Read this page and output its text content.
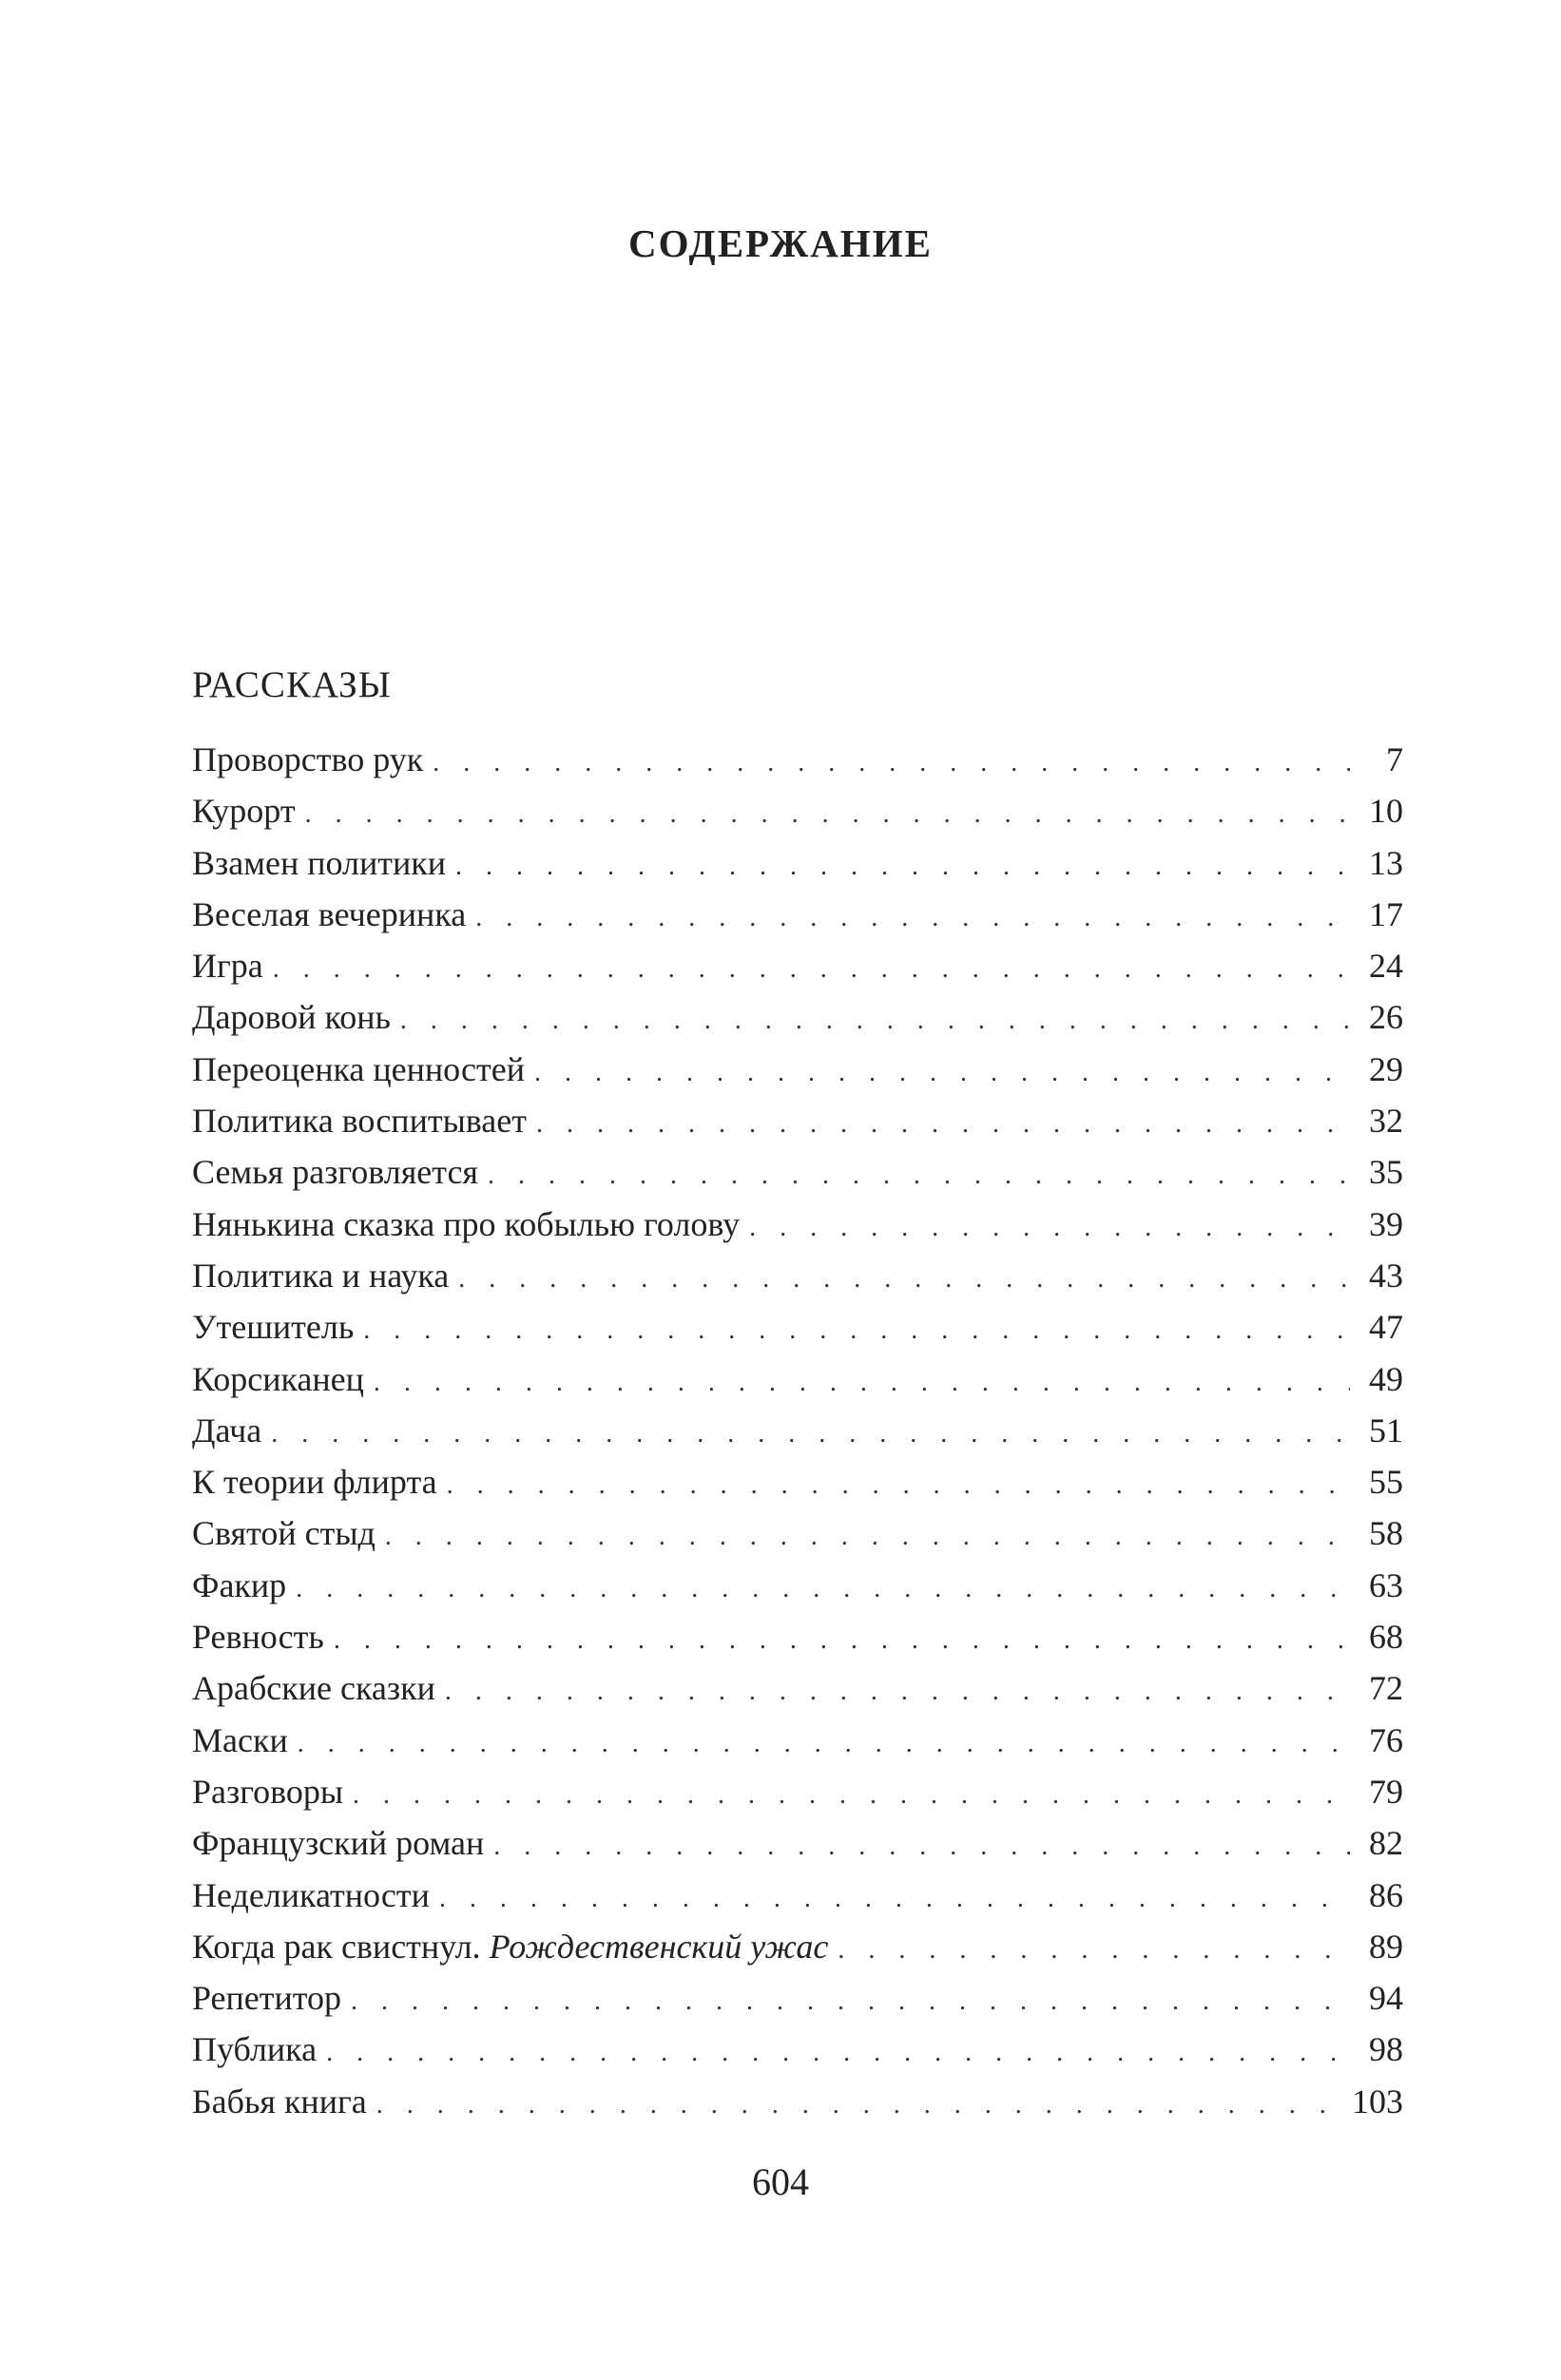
СОДЕРЖАНИЕ
РАССКАЗЫ
Проворство рук . . .	7
Курорт . . .	10
Взамен политики . . .	13
Веселая вечеринка . . .	17
Игра . . .	24
Даровой конь . . .	26
Переоценка ценностей . . .	29
Политика воспитывает . . .	32
Семья разговляется . . .	35
Нянькина сказка про кобылью голову . . .	39
Политика и наука . . .	43
Утешитель . . .	47
Корсиканец . . .	49
Дача . . .	51
К теории флирта . . .	55
Святой стыд . . .	58
Факир . . .	63
Ревность . . .	68
Арабские сказки . . .	72
Маски . . .	76
Разговоры . . .	79
Французский роман . . .	82
Неделикатности . . .	86
Когда рак свистнул. Рождественский ужас . . .	89
Репетитор . . .	94
Публика . . .	98
Бабья книга . . .	103
604
